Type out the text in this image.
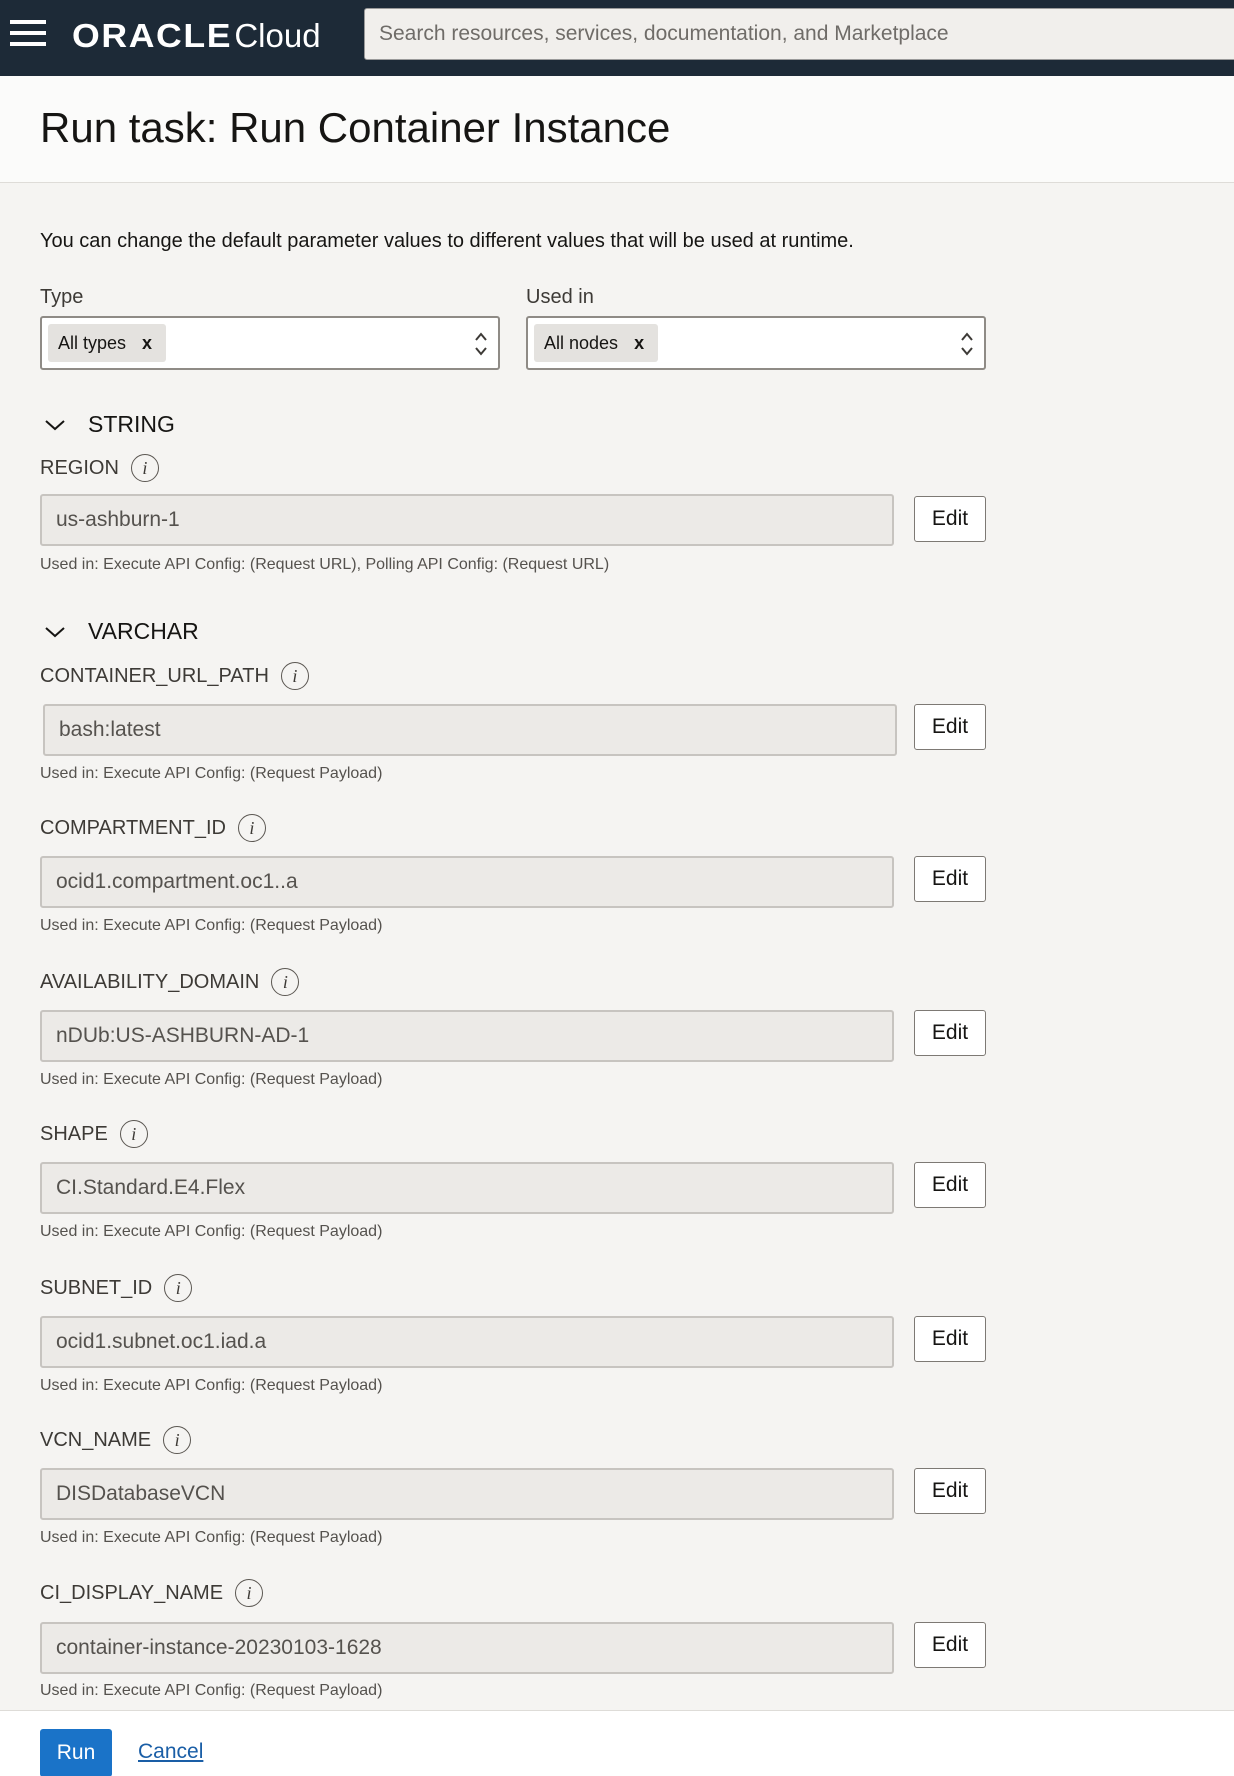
ORACLE Cloud
Search resources, services, documentation, and Marketplace
Run task: Run Container Instance
You can change the default parameter values to different values that will be used at runtime.
Type
All types x
Used in
All nodes x
STRING
REGION	i
us-ashburn-1
Edit
Used in: Execute API Config: (Request URL), Polling API Config: (Request URL)
VARCHAR
CONTAINER_URL_PATH	i
bash:latest
Edit
Used in: Execute API Config: (Request Payload)
COMPARTMENT_ID	i
ocid1.compartment.oc1..a
Edit
Used in: Execute API Config: (Request Payload)
AVAILABILITY_DOMAIN	i
nDUb:US-ASHBURN-AD-1
Edit
Used in: Execute API Config: (Request Payload)
SHAPE	i
CI.Standard.E4.Flex
Edit
Used in: Execute API Config: (Request Payload)
SUBNET_ID	i
ocid1.subnet.oc1.iad.a
Edit
Used in: Execute API Config: (Request Payload)
VCN_NAME	i
DISDatabaseVCN
Edit
Used in: Execute API Config: (Request Payload)
CI_DISPLAY_NAME	i
container-instance-20230103-1628
Edit
Used in: Execute API Config: (Request Payload)
Run	Cancel
